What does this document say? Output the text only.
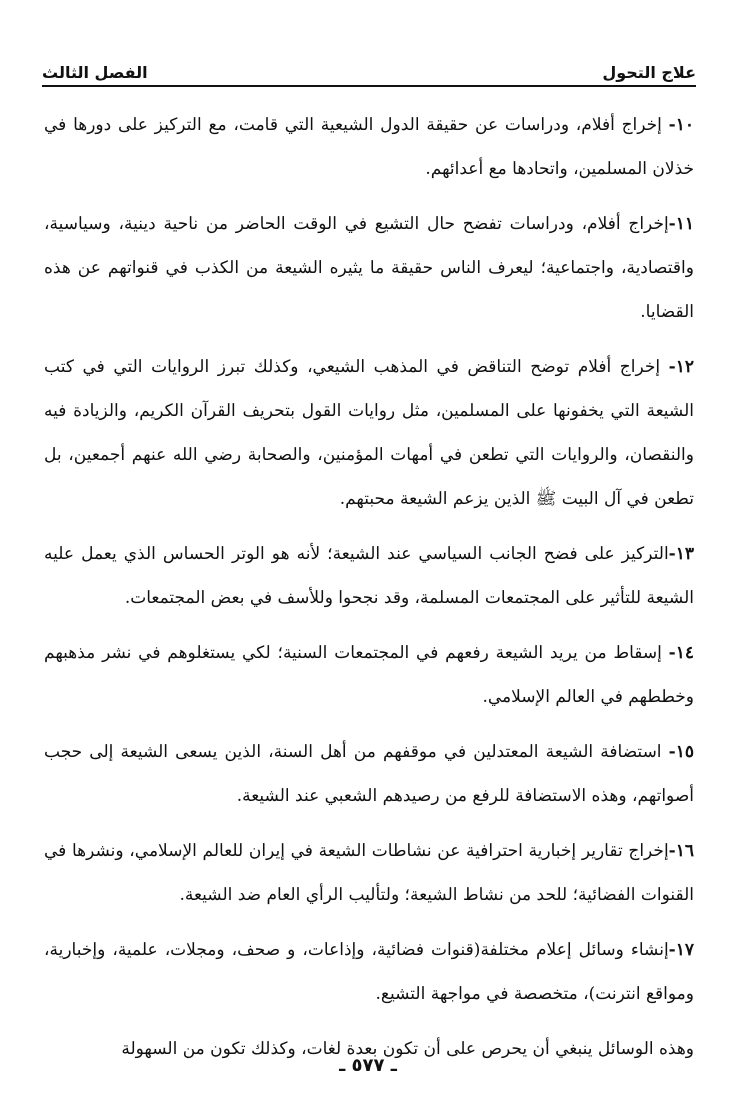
الفصل الثالث	علاج التحول

١٠- إخراج أفلام، ودراسات عن حقيقة الدول الشيعية التي قامت، مع التركيز على دورها في خذلان المسلمين، واتحادها مع أعدائهم.

١١-إخراج أفلام، ودراسات تفضح حال التشيع في الوقت الحاضر من ناحية دينية، وسياسية، واقتصادية، واجتماعية؛ ليعرف الناس حقيقة ما يثيره الشيعة من الكذب في قنواتهم عن هذه القضايا.

١٢- إخراج أفلام توضح التناقض في المذهب الشيعي، وكذلك تبرز الروايات التي في كتب الشيعة التي يخفونها على المسلمين، مثل روايات القول بتحريف القرآن الكريم، والزيادة فيه والنقصان، والروايات التي تطعن في أمهات المؤمنين، والصحابة رضي الله عنهم أجمعين، بل تطعن في آل البيت ﷺ الذين يزعم الشيعة محبتهم.

١٣-التركيز على فضح الجانب السياسي عند الشيعة؛ لأنه هو الوتر الحساس الذي يعمل عليه الشيعة للتأثير على المجتمعات المسلمة، وقد نجحوا وللأسف في بعض المجتمعات.

١٤- إسقاط من يريد الشيعة رفعهم في المجتمعات السنية؛ لكي يستغلوهم في نشر مذهبهم وخططهم في العالم الإسلامي.

١٥- استضافة الشيعة المعتدلين في موقفهم من أهل السنة، الذين يسعى الشيعة إلى حجب أصواتهم، وهذه الاستضافة للرفع من رصيدهم الشعبي عند الشيعة.

١٦-إخراج تقارير إخبارية احترافية عن نشاطات الشيعة في إيران للعالم الإسلامي، ونشرها في القنوات الفضائية؛ للحد من نشاط الشيعة؛ ولتأليب الرأي العام ضد الشيعة.

١٧-إنشاء وسائل إعلام مختلفة(قنوات فضائية، وإذاعات، و صحف، ومجلات، علمية، وإخبارية، ومواقع انترنت)، متخصصة في مواجهة التشيع.

وهذه الوسائل ينبغي أن يحرص على أن تكون بعدة لغات، وكذلك تكون من السهولة

ـ ٥٧٧ ـ
